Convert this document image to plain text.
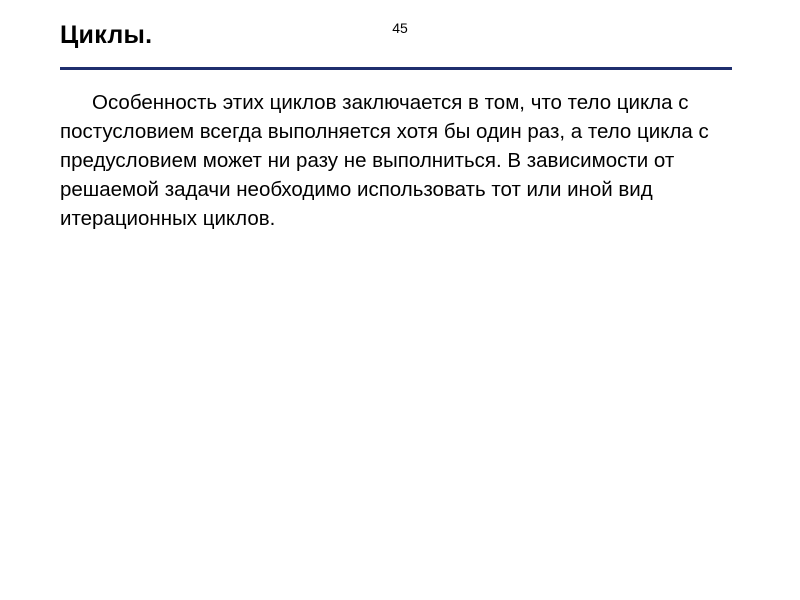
45
Циклы.

Особенность этих циклов заключается в том, что тело цикла с постусловием всегда выполняется хотя бы один раз, а тело цикла с предусловием может ни разу не выполниться. В зависимости от решаемой задачи необходимо использовать тот или иной вид итерационных циклов.
